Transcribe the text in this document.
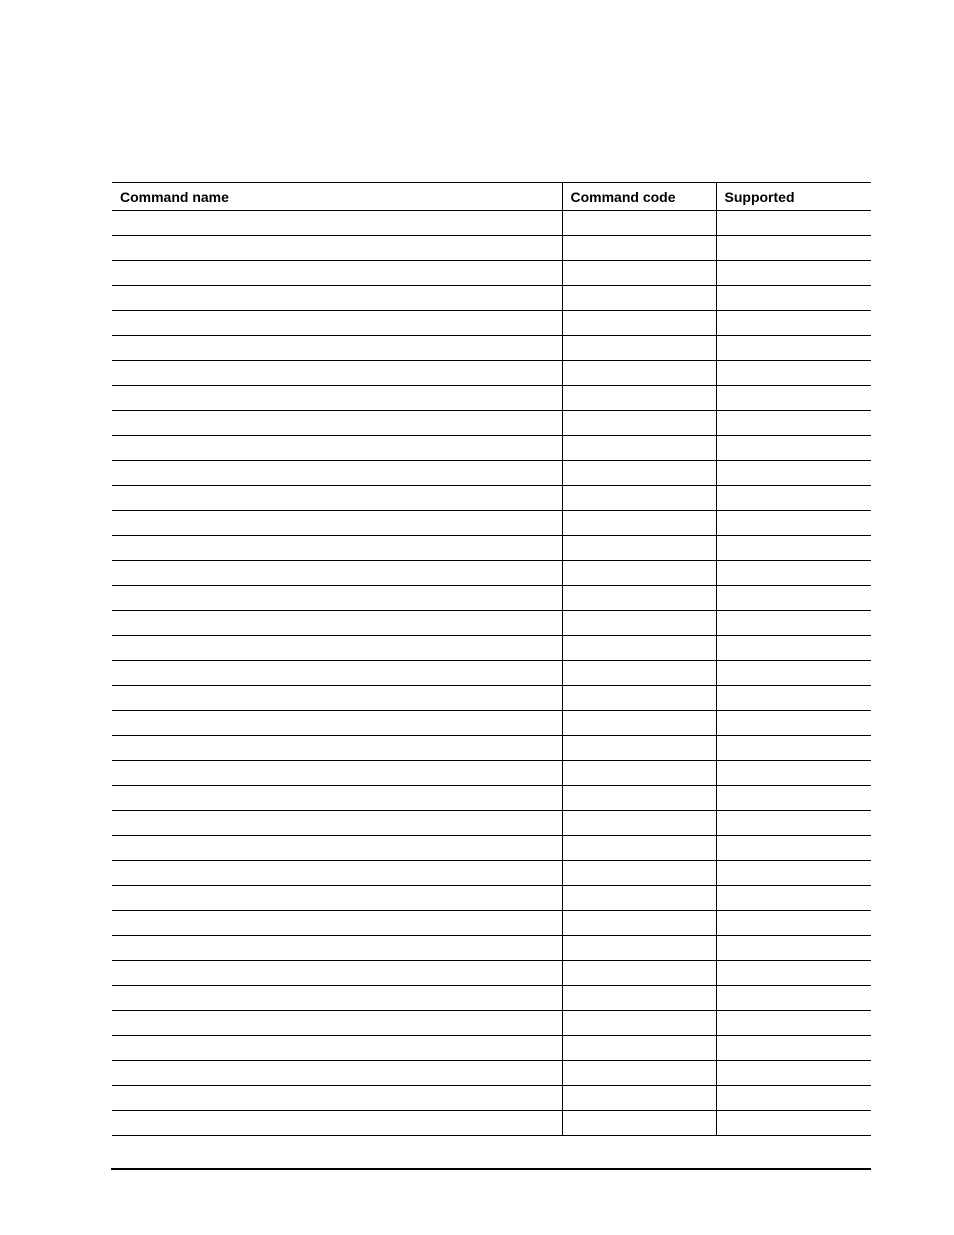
Command name	Command code	Supported
